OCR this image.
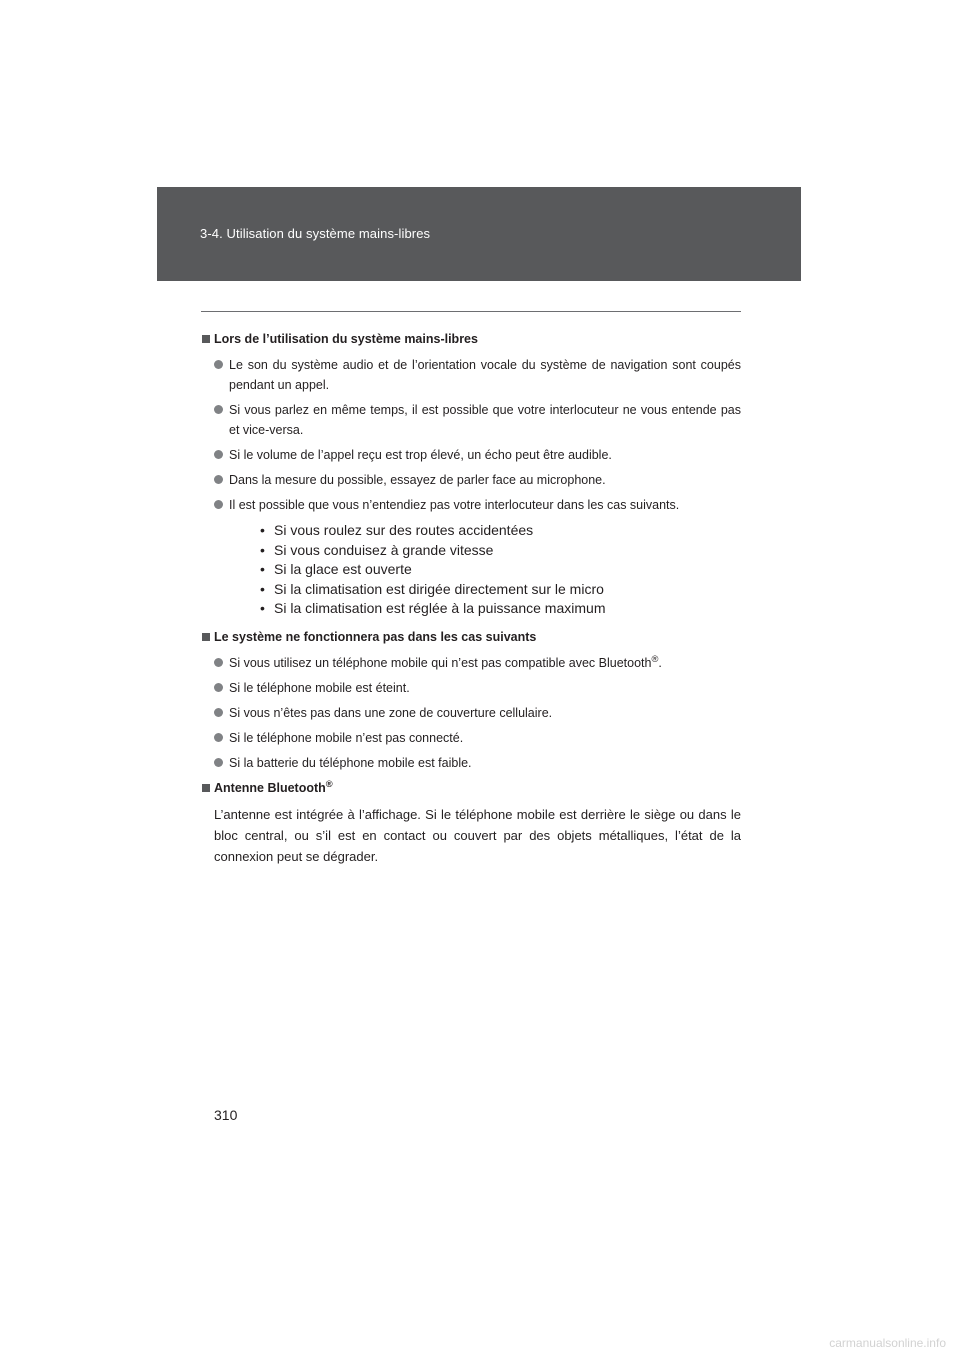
3-4. Utilisation du système mains-libres
Lors de l’utilisation du système mains-libres
Le son du système audio et de l’orientation vocale du système de navigation sont coupés pendant un appel.
Si vous parlez en même temps, il est possible que votre interlocuteur ne vous entende pas et vice-versa.
Si le volume de l’appel reçu est trop élevé, un écho peut être audible.
Dans la mesure du possible, essayez de parler face au microphone.
Il est possible que vous n’entendiez pas votre interlocuteur dans les cas suivants.
• Si vous roulez sur des routes accidentées
• Si vous conduisez à grande vitesse
• Si la glace est ouverte
• Si la climatisation est dirigée directement sur le micro
• Si la climatisation est réglée à la puissance maximum
Le système ne fonctionnera pas dans les cas suivants
Si vous utilisez un téléphone mobile qui n’est pas compatible avec Bluetooth®.
Si le téléphone mobile est éteint.
Si vous n’êtes pas dans une zone de couverture cellulaire.
Si le téléphone mobile n’est pas connecté.
Si la batterie du téléphone mobile est faible.
Antenne Bluetooth®
L’antenne est intégrée à l’affichage. Si le téléphone mobile est derrière le siège ou dans le bloc central, ou s’il est en contact ou couvert par des objets métalliques, l’état de la connexion peut se dégrader.
310
carmanualsonline.info
